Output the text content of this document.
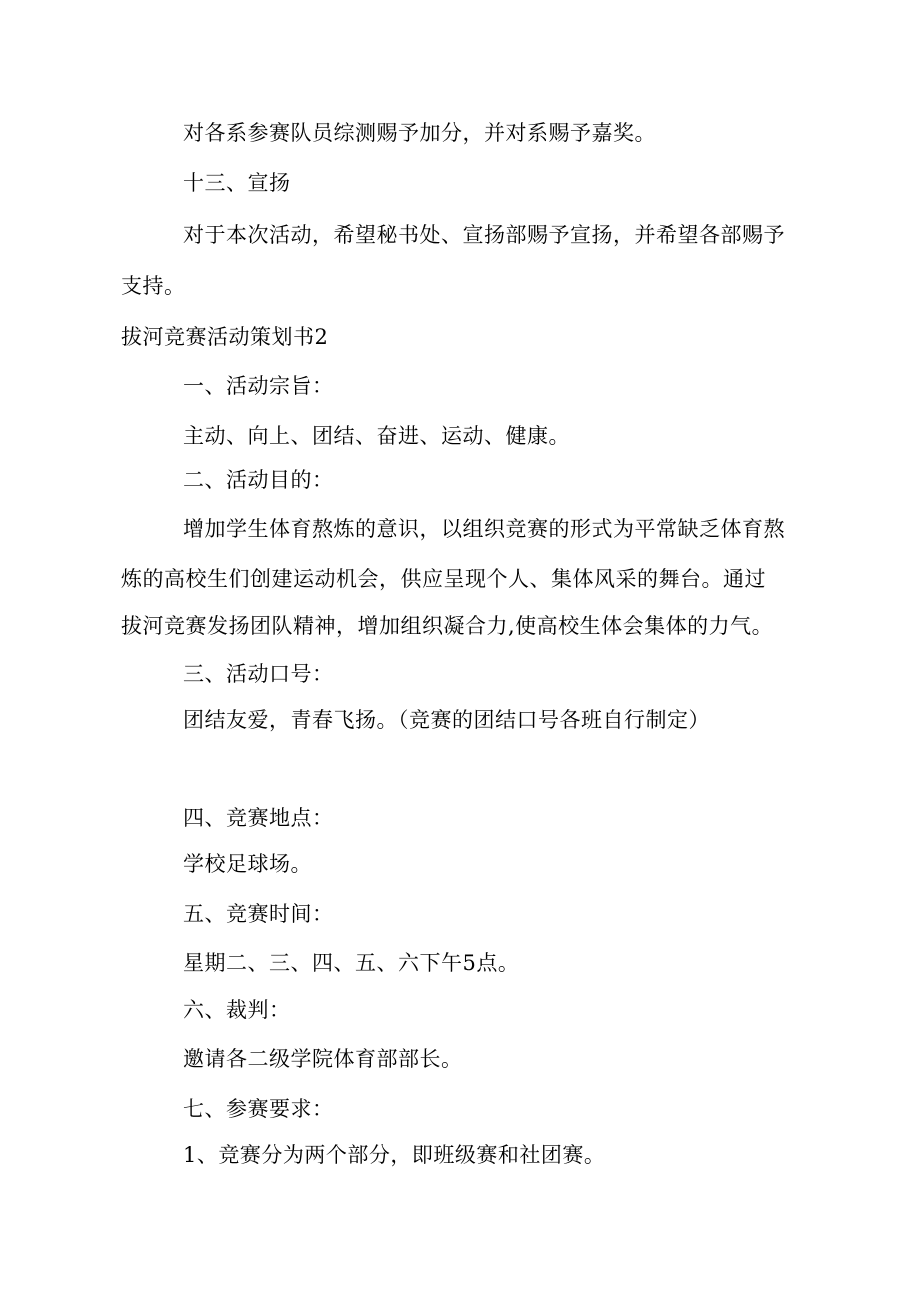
对各系参赛队员综测赐予加分，并对系赐予嘉奖。
十三、宣扬
对于本次活动，希望秘书处、宣扬部赐予宣扬，并希望各部赐予
支持。
拔河竞赛活动策划书2
一、活动宗旨：
主动、向上、团结、奋进、运动、健康。
二、活动目的：
增加学生体育熬炼的意识，以组织竞赛的形式为平常缺乏体育熬
炼的高校生们创建运动机会，供应呈现个人、集体风采的舞台。通过
拔河竞赛发扬团队精神，增加组织凝合力,使高校生体会集体的力气。
三、活动口号：
团结友爱，青春飞扬。（竞赛的团结口号各班自行制定）
四、竞赛地点：
学校足球场。
五、竞赛时间：
星期二、三、四、五、六下午5点。
六、裁判：
邀请各二级学院体育部部长。
七、参赛要求：
1、竞赛分为两个部分，即班级赛和社团赛。
